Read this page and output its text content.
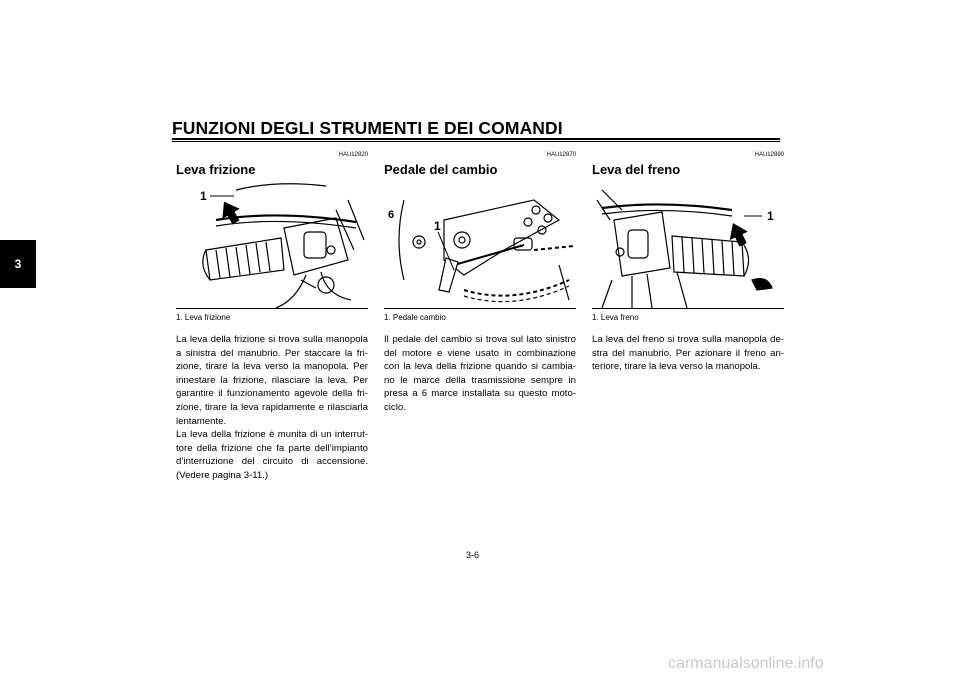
FUNZIONI DEGLI STRUMENTI E DEI COMANDI
3
HAU12820
Leva frizione
1
1. Leva frizione

La leva della frizione si trova sulla manopola a sinistra del manubrio. Per staccare la fri-zione, tirare la leva verso la manopola. Per innestare la frizione, rilasciare la leva. Per garantire il funzionamento agevole della fri-zione, tirare la leva rapidamente e rilasciarla lentamente.

La leva della frizione è munita di un interrut-tore della frizione che fa parte dell’impianto d’interruzione del circuito di accensione. (Vedere pagina 3-11.)

HAU12870
Pedale del cambio
1
6
1. Pedale cambio

Il pedale del cambio si trova sul lato sinistro del motore e viene usato in combinazione con la leva della frizione quando si cambia-no le marce della trasmissione sempre in presa a 6 marce installata su questo moto-ciclo.

HAU12890
Leva del freno
1
1. Leva freno

La leva del freno si trova sulla manopola de-stra del manubrio. Per azionare il freno an-teriore, tirare la leva verso la manopola.

3-6
carmanualsonline.info
